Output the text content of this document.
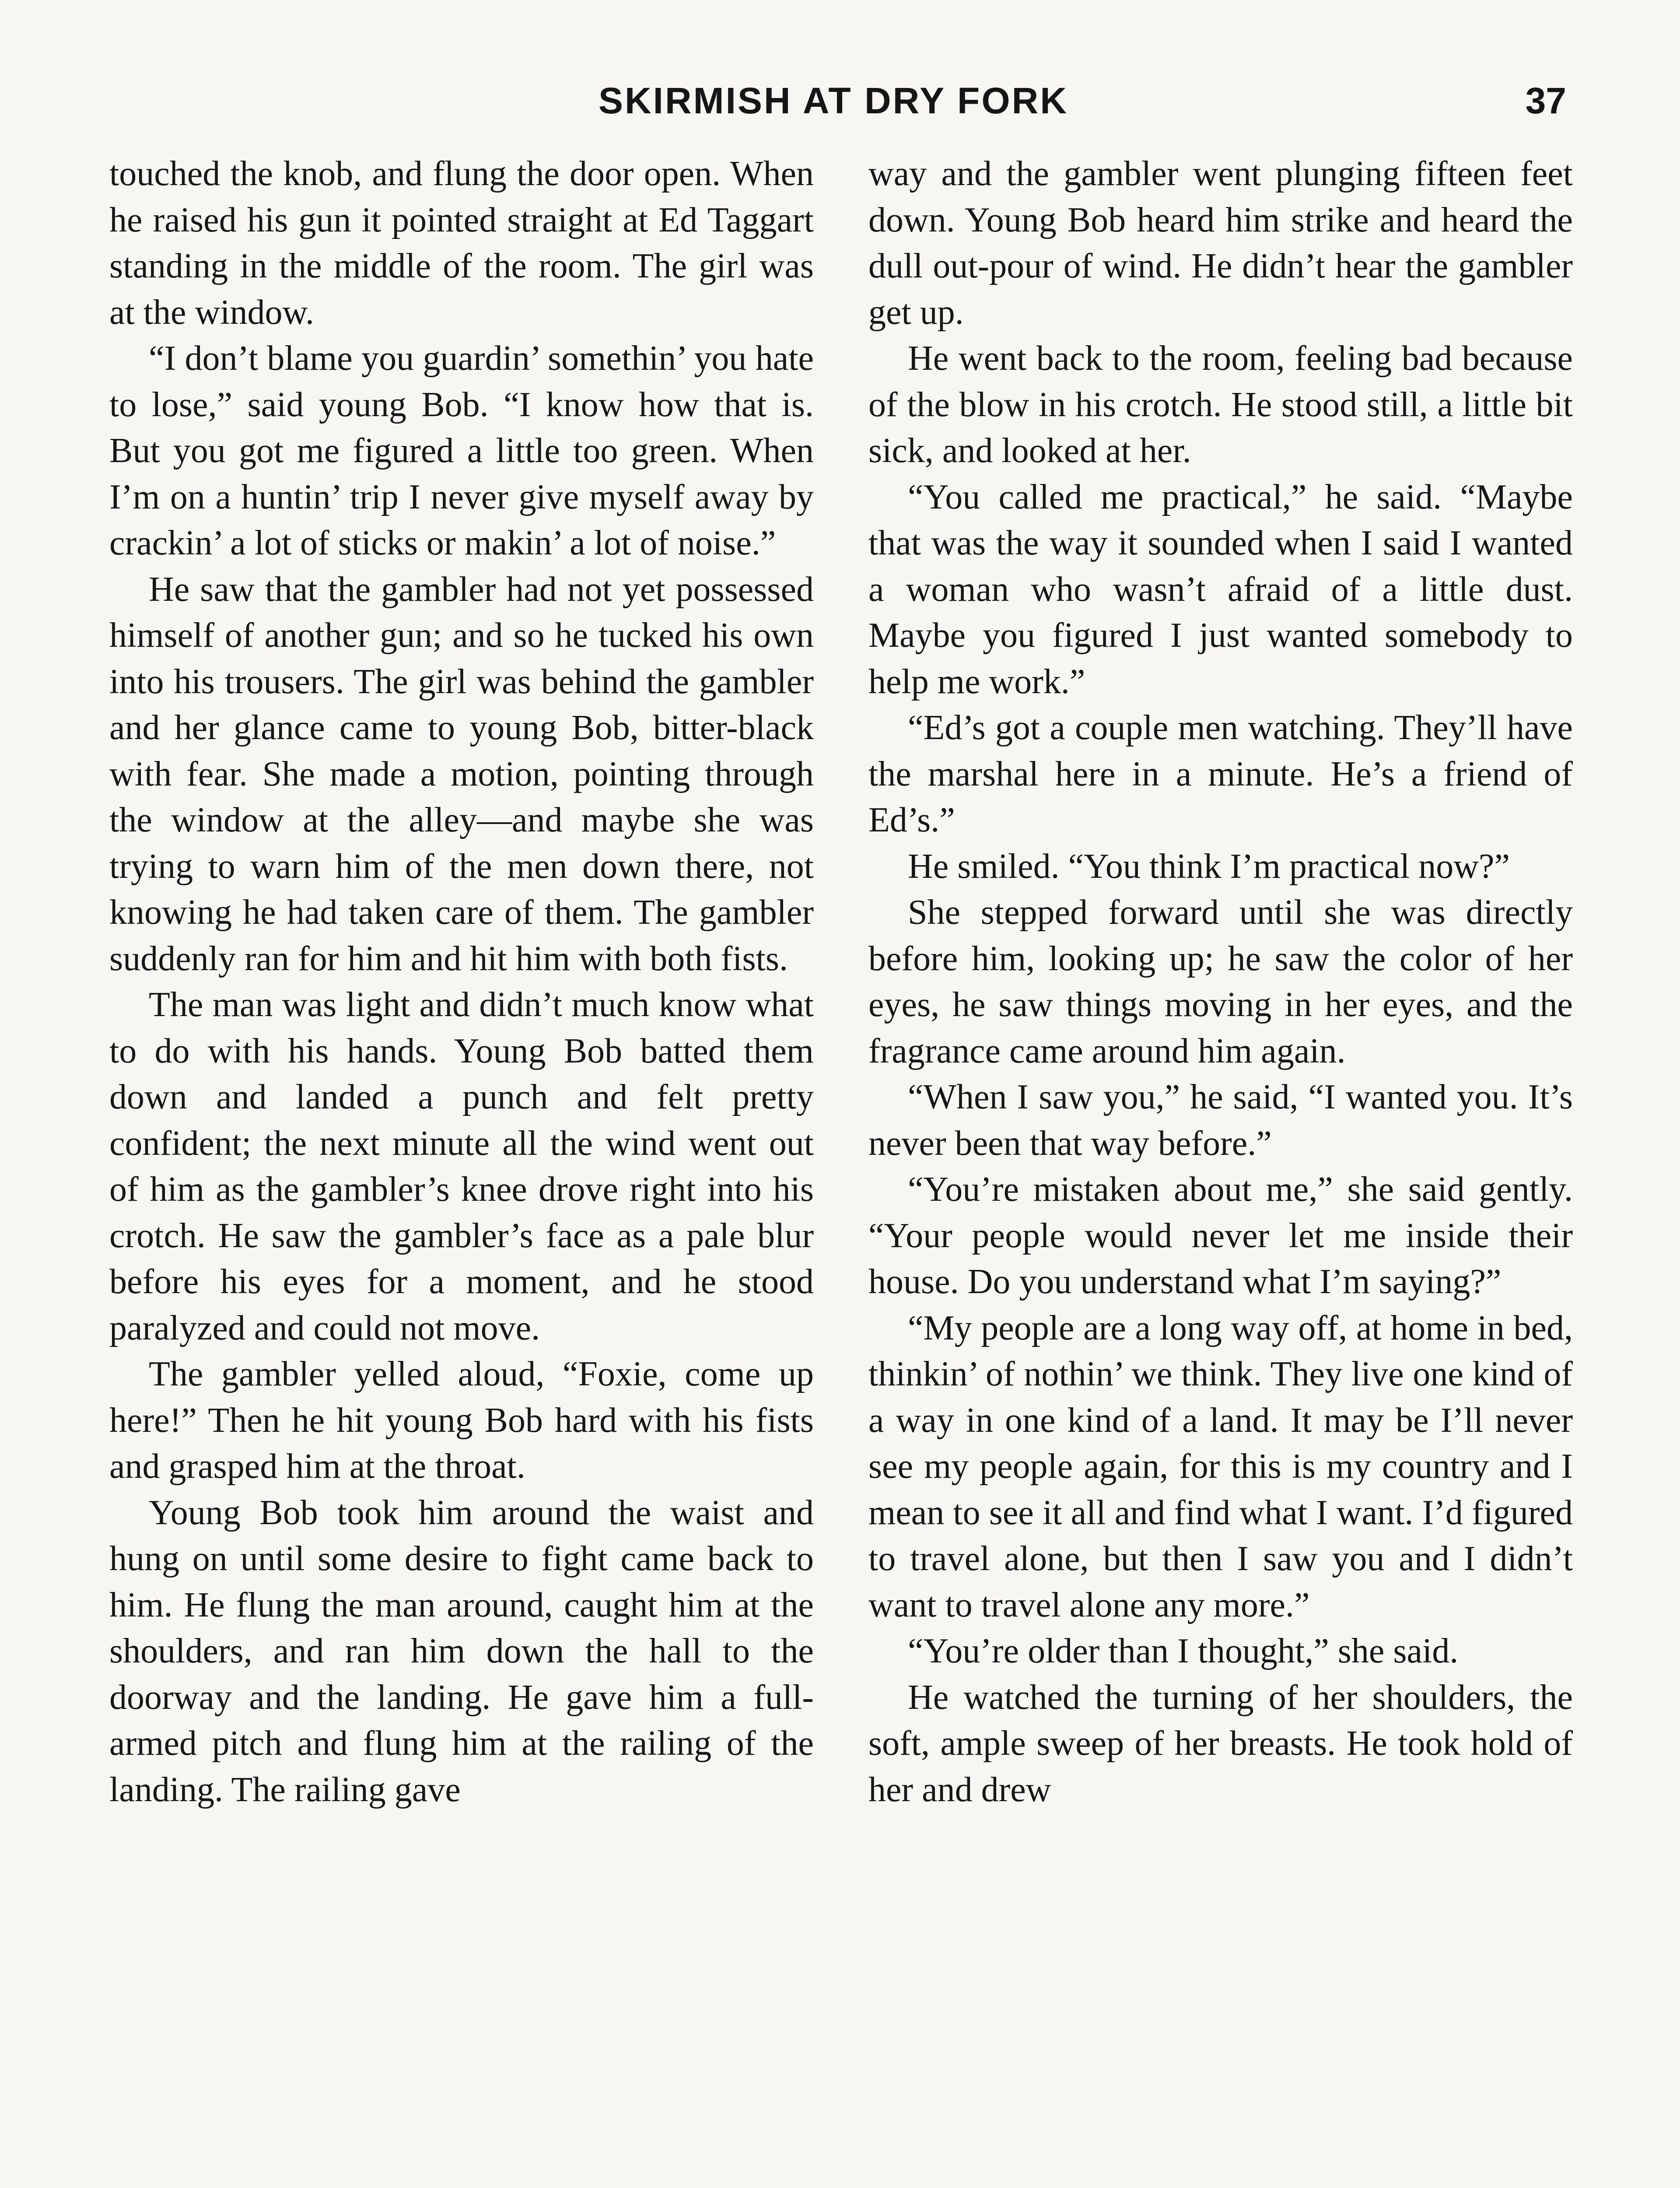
SKIRMISH AT DRY FORK	37

touched the knob, and flung the door open. When he raised his gun it pointed straight at Ed Taggart standing in the middle of the room. The girl was at the window.

“I don’t blame you guardin’ somethin’ you hate to lose,” said young Bob. “I know how that is. But you got me figured a little too green. When I’m on a huntin’ trip I never give myself away by crackin’ a lot of sticks or makin’ a lot of noise.”

He saw that the gambler had not yet possessed himself of another gun; and so he tucked his own into his trousers. The girl was behind the gambler and her glance came to young Bob, bitter-black with fear. She made a motion, pointing through the window at the alley—and maybe she was trying to warn him of the men down there, not knowing he had taken care of them. The gambler suddenly ran for him and hit him with both fists.

The man was light and didn’t much know what to do with his hands. Young Bob batted them down and landed a punch and felt pretty confident; the next minute all the wind went out of him as the gambler’s knee drove right into his crotch. He saw the gambler’s face as a pale blur before his eyes for a moment, and he stood paralyzed and could not move.

The gambler yelled aloud, “Foxie, come up here!” Then he hit young Bob hard with his fists and grasped him at the throat.

Young Bob took him around the waist and hung on until some desire to fight came back to him. He flung the man around, caught him at the shoulders, and ran him down the hall to the doorway and the landing. He gave him a full-armed pitch and flung him at the railing of the landing. The railing gave

way and the gambler went plunging fifteen feet down. Young Bob heard him strike and heard the dull out-pour of wind. He didn’t hear the gambler get up.

He went back to the room, feeling bad because of the blow in his crotch. He stood still, a little bit sick, and looked at her.

“You called me practical,” he said. “Maybe that was the way it sounded when I said I wanted a woman who wasn’t afraid of a little dust. Maybe you figured I just wanted somebody to help me work.”

“Ed’s got a couple men watching. They’ll have the marshal here in a minute. He’s a friend of Ed’s.”

He smiled. “You think I’m practical now?”

She stepped forward until she was directly before him, looking up; he saw the color of her eyes, he saw things moving in her eyes, and the fragrance came around him again.

“When I saw you,” he said, “I wanted you. It’s never been that way before.”

“You’re mistaken about me,” she said gently. “Your people would never let me inside their house. Do you understand what I’m saying?”

“My people are a long way off, at home in bed, thinkin’ of nothin’ we think. They live one kind of a way in one kind of a land. It may be I’ll never see my people again, for this is my country and I mean to see it all and find what I want. I’d figured to travel alone, but then I saw you and I didn’t want to travel alone any more.”

“You’re older than I thought,” she said.

He watched the turning of her shoulders, the soft, ample sweep of her breasts. He took hold of her and drew
